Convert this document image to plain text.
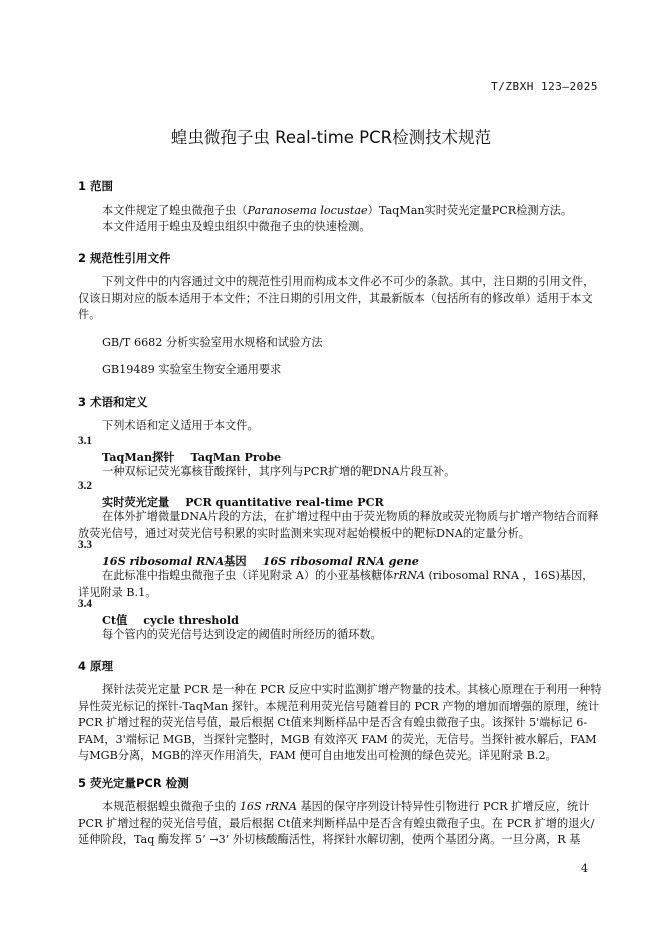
T/ZBXH 123—2025
蝗虫微孢子虫 Real-time PCR检测技术规范
1 范围

本文件规定了蝗虫微孢子虫（Paranosema locustae）TaqMan实时荧光定量PCR检测方法。

本文件适用于蝗虫及蝗虫组织中微孢子虫的快速检测。

2 规范性引用文件

下列文件中的内容通过文中的规范性引用而构成本文件必不可少的条款。其中，注日期的引用文件，仅该日期对应的版本适用于本文件；不注日期的引用文件，其最新版本（包括所有的修改单）适用于本文件。

GB/T 6682 分析实验室用水规格和试验方法
GB19489 实验室生物安全通用要求
3 术语和定义
下列术语和定义适用于本文件。
3.1
TaqMan探针 TaqMan Probe
一种双标记荧光寡核苷酸探针，其序列与PCR扩增的靶DNA片段互补。
3.2
实时荧光定量 PCR quantitative real-time PCR

在体外扩增微量DNA片段的方法，在扩增过程中由于荧光物质的释放或荧光物质与扩增产物结合而释放荧光信号，通过对荧光信号积累的实时监测来实现对起始模板中的靶标DNA的定量分析。

3.3
16S ribosomal RNA基因 16S ribosomal RNA gene

在此标准中指蝗虫微孢子虫（详见附录 A）的小亚基核糖体rRNA (ribosomal RNA ，16S)基因，详见附录 B.1。

3.4
Ct值 cycle threshold
每个管内的荧光信号达到设定的阈值时所经历的循环数。
4 原理

探针法荧光定量 PCR 是一种在 PCR 反应中实时监测扩增产物量的技术。其核心原理在于利用一种特异性荧光标记的探针-TaqMan 探针。本规范利用荧光信号随着目的 PCR 产物的增加而增强的原理，统计 PCR 扩增过程的荧光信号值，最后根据 Ct值来判断样品中是否含有蝗虫微孢子虫。该探针 5'端标记 6-FAM，3'端标记 MGB，当探针完整时，MGB 有效淬灭 FAM 的荧光，无信号。当探针被水解后，FAM与MGB分离，MGB的淬灭作用消失，FAM 便可自由地发出可检测的绿色荧光。详见附录 B.2。

5 荧光定量PCR 检测

本规范根据蝗虫微孢子虫的 16S rRNA 基因的保守序列设计特异性引物进行 PCR 扩增反应，统计 PCR 扩增过程的荧光信号值，最后根据 Ct值来判断样品中是否含有蝗虫微孢子虫。在 PCR 扩增的退火/延伸阶段，Taq 酶发挥 5’ →3’ 外切核酸酶活性，将探针水解切割，使两个基团分离。一旦分离，R 基

4
